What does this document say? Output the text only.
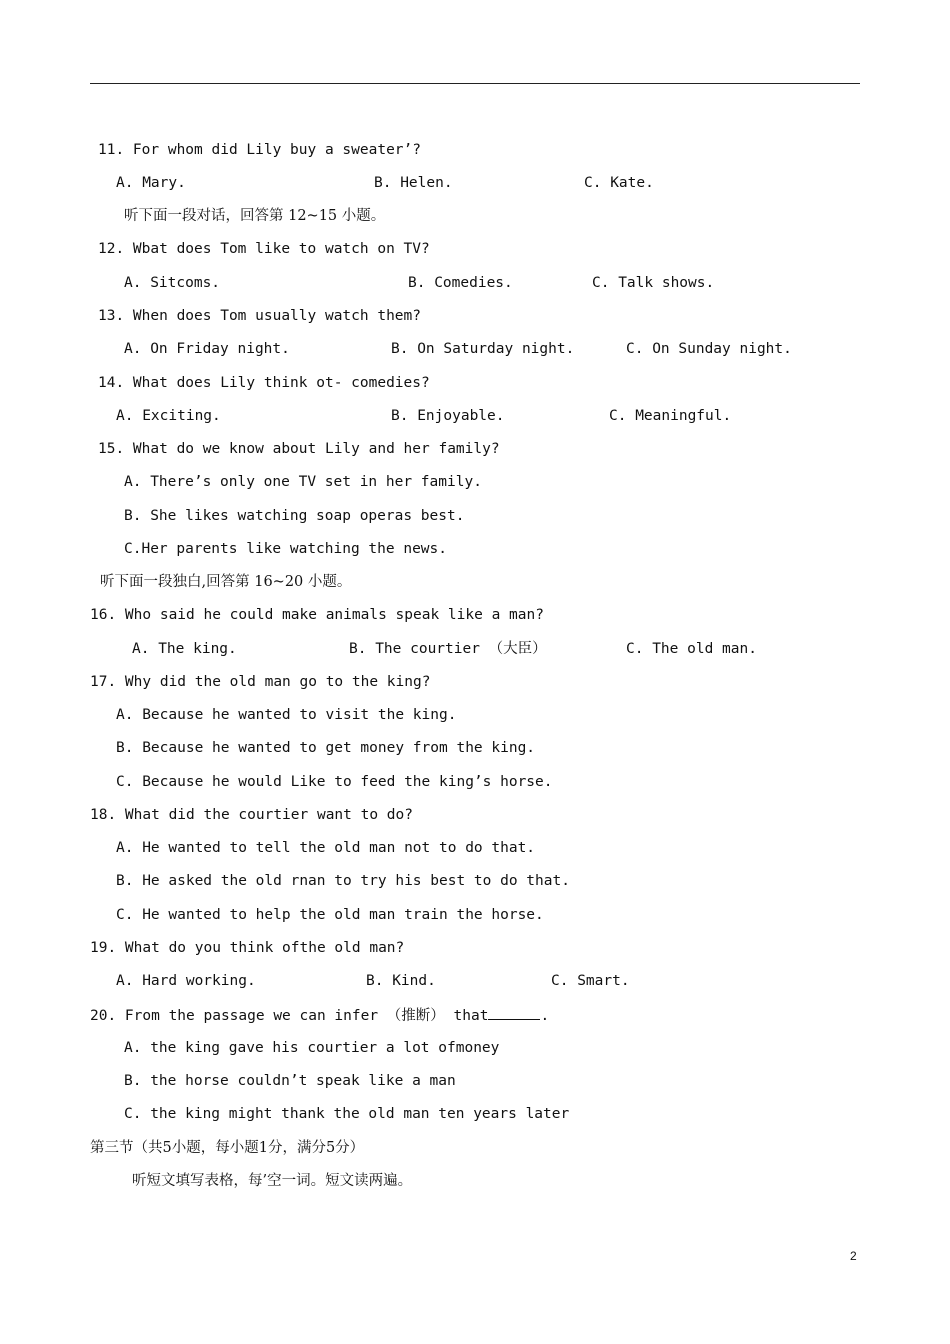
11. For whom did Lily buy a sweater’?
A. Mary.	B. Helen.	C. Kate.
听下面一段对话，回答第 12~15 小题。
12. Wbat does Tom like to watch on TV?
A. Sitcoms.	B. Comedies.	C. Talk shows.
13. When does Tom usually watch them?
A. On Friday night.	B. On Saturday night.	C. On Sunday night.
14. What does Lily think ot- comedies?
A. Exciting.	B. Enjoyable.	C. Meaningful.
15. What do we know about Lily and her family?
A. There’s only one TV set in her family.
B. She likes watching soap operas best.
C.Her parents like watching the news.
听下面一段独白,回答第 16~20 小题。
16. Who said he could make animals speak like a man?
A. The king.	B. The courtier （大臣）	C. The old man.
17. Why did the old man go to the king?
A. Because he wanted to visit the king.
B. Because he wanted to get money from the king.
C. Because he would Like to feed the king’s horse.
18. What did the courtier want to do?
A. He wanted to tell the old man not to do that.
B. He asked the old rnan to try his best to do that.
C. He wanted to help the old man train the horse.
19. What do you think ofthe old man?
A. Hard working.	B. Kind.	C. Smart.
20. From the passage we can infer （推断） that	.
A. the king gave his courtier a lot ofmoney
B. the horse couldn’t speak like a man
C. the king might thank the old man ten years later
第三节（共5小题，每小题1分，满分5分）
听短文填写表格，每’空一词。短文读两遍。
2
